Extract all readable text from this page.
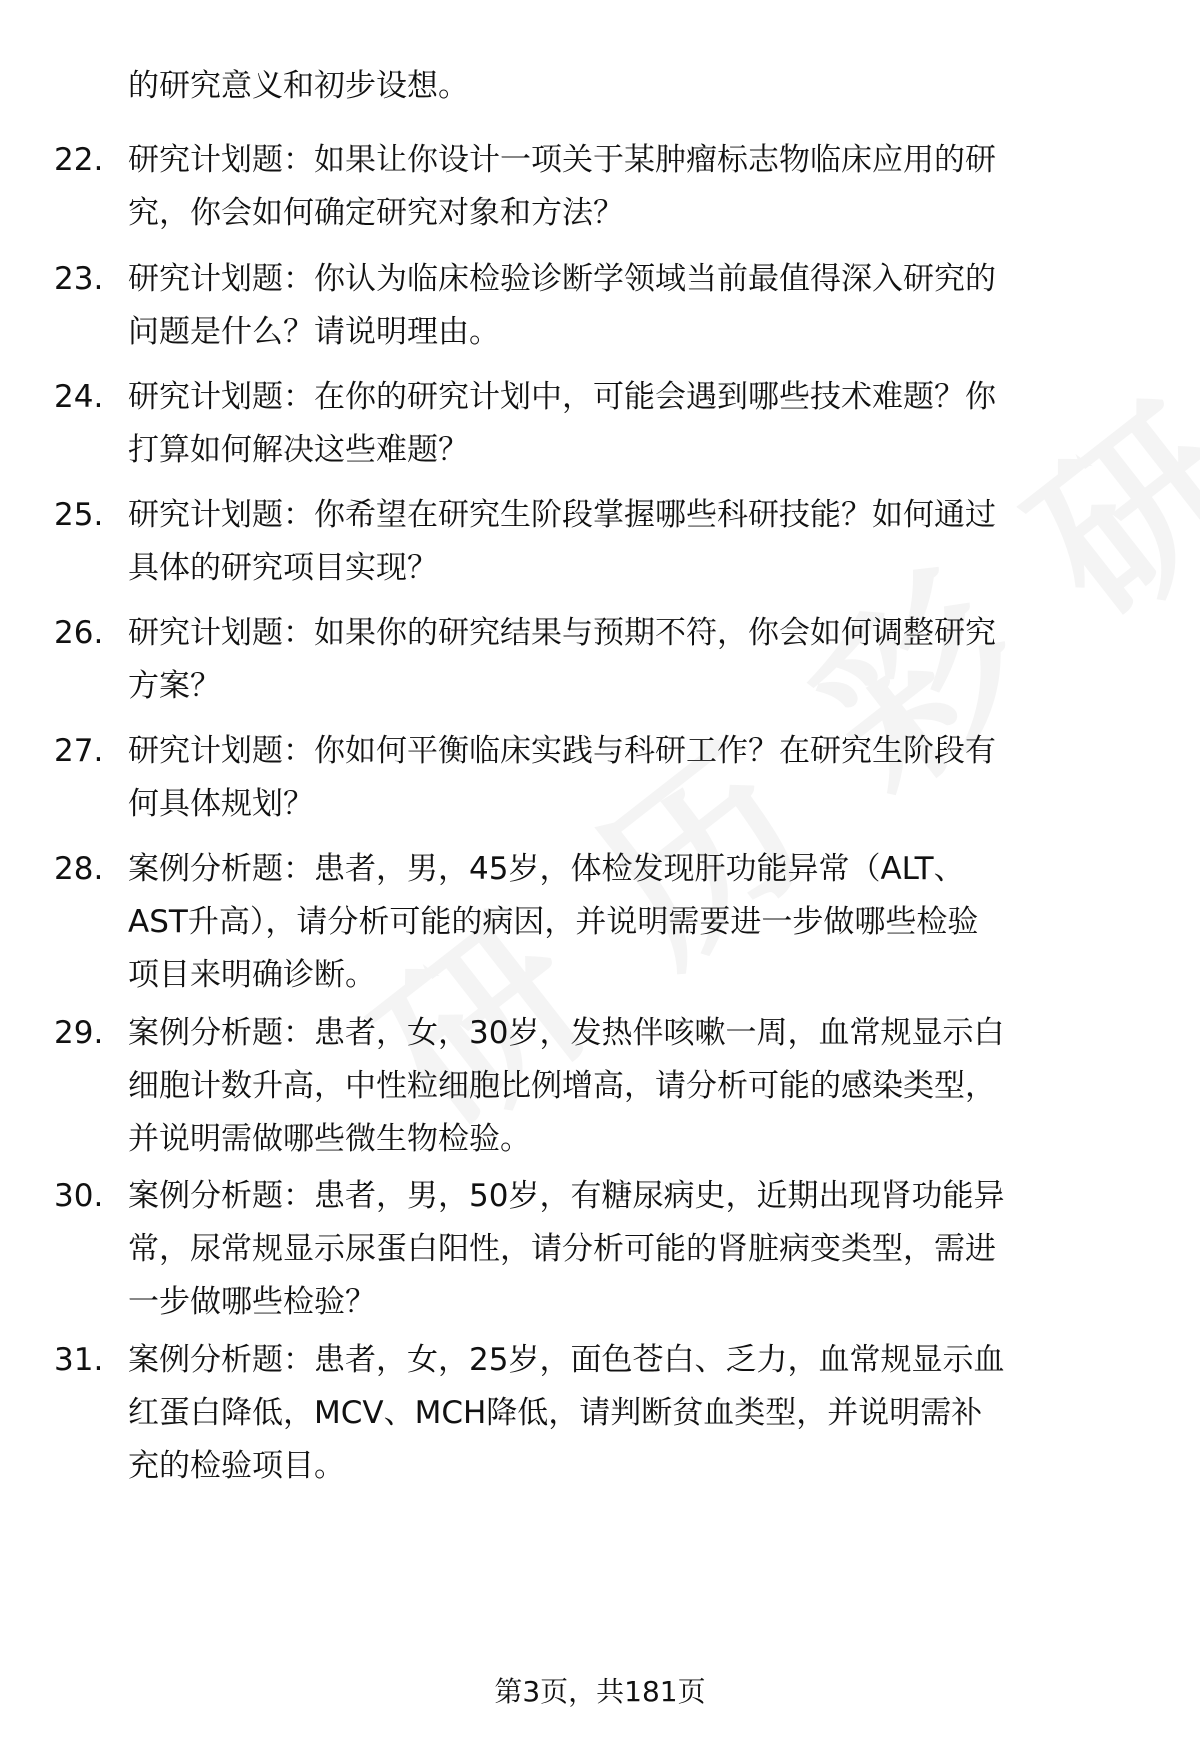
的研究意义和初步设想。
22. 研究计划题：如果让你设计一项关于某肿瘤标志物临床应用的研
究，你会如何确定研究对象和方法？
23. 研究计划题：你认为临床检验诊断学领域当前最值得深入研究的
问题是什么？请说明理由。
24. 研究计划题：在你的研究计划中，可能会遇到哪些技术难题？你
打算如何解决这些难题？
25. 研究计划题：你希望在研究生阶段掌握哪些科研技能？如何通过
具体的研究项目实现？
26. 研究计划题：如果你的研究结果与预期不符，你会如何调整研究
方案？
27. 研究计划题：你如何平衡临床实践与科研工作？在研究生阶段有
何具体规划？
28. 案例分析题：患者，男，45岁，体检发现肝功能异常（ALT、
AST升高），请分析可能的病因，并说明需要进一步做哪些检验
项目来明确诊断。
29. 案例分析题：患者，女，30岁，发热伴咳嗽一周，血常规显示白
细胞计数升高，中性粒细胞比例增高，请分析可能的感染类型，
并说明需做哪些微生物检验。
30. 案例分析题：患者，男，50岁，有糖尿病史，近期出现肾功能异
常，尿常规显示尿蛋白阳性，请分析可能的肾脏病变类型，需进
一步做哪些检验？
31. 案例分析题：患者，女，25岁，面色苍白、乏力，血常规显示血
红蛋白降低，MCV、MCH降低，请判断贫血类型，并说明需补
充的检验项目。
第3页，共181页
